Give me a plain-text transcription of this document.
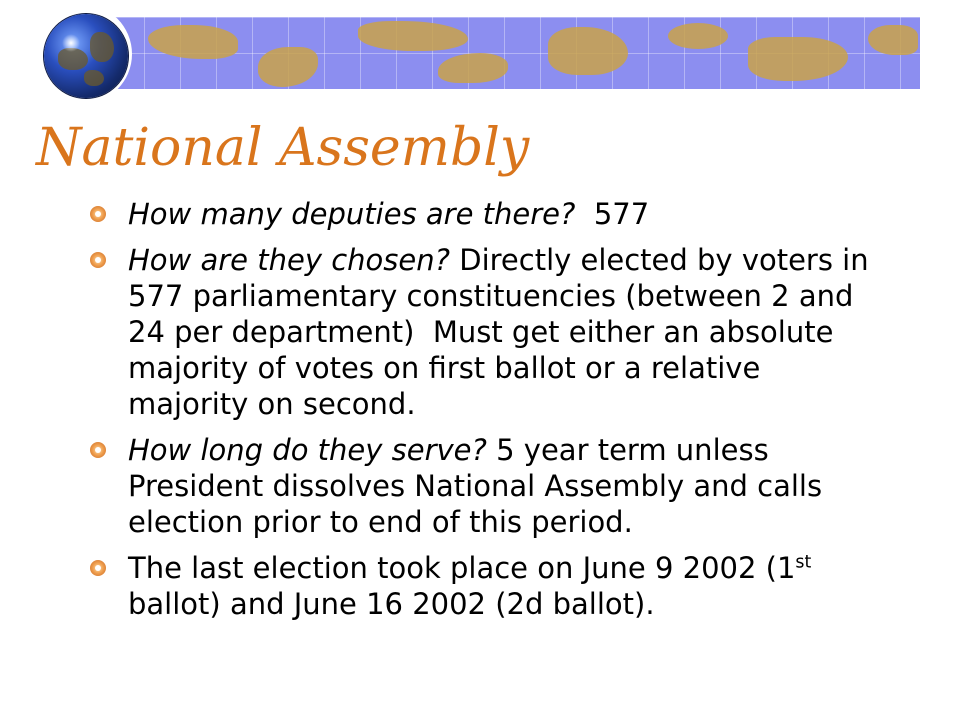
National Assembly
How many deputies are there?  577
How are they chosen? Directly elected by voters in 577 parliamentary constituencies (between 2 and 24 per department)  Must get either an absolute majority of votes on first ballot or a relative majority on second.
How long do they serve? 5 year term unless President dissolves National Assembly and calls election prior to end of this period.
The last election took place on June 9 2002 (1st ballot) and June 16 2002 (2d ballot).
